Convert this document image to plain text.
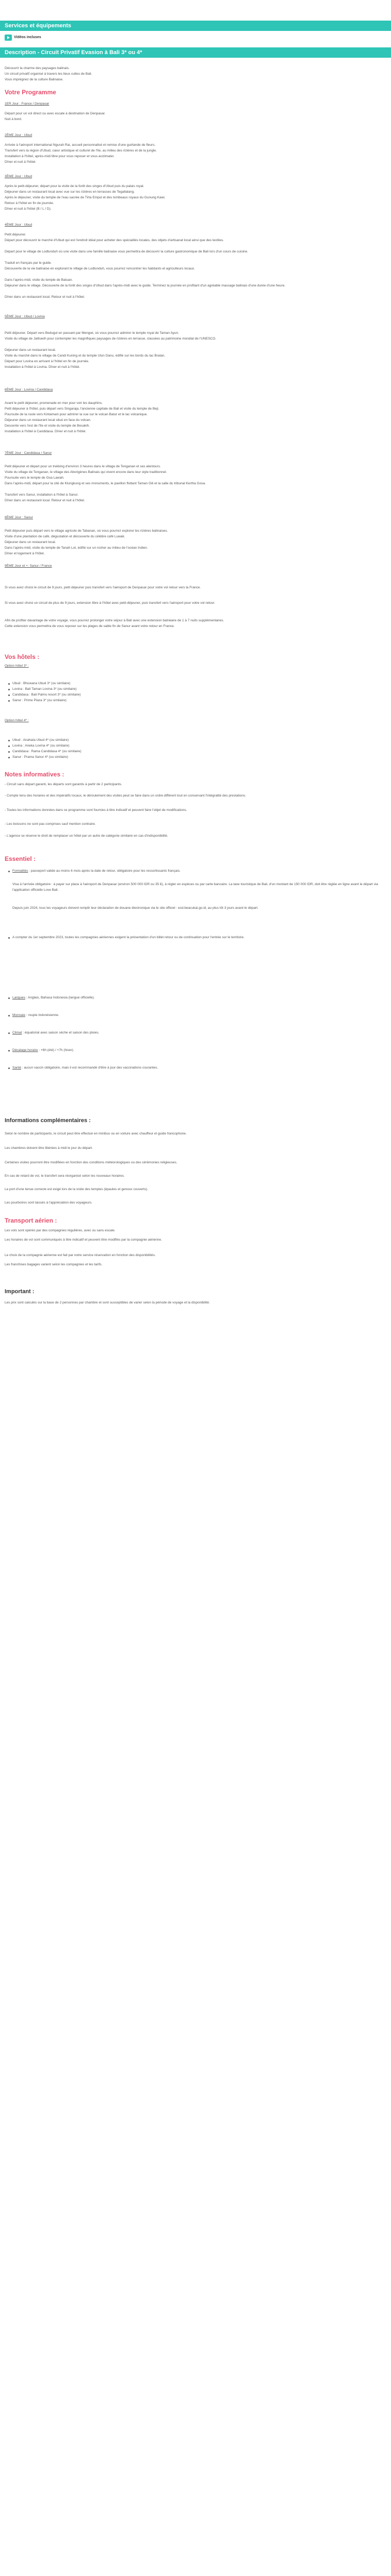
Services et équipements
Vidéos incluses
Description - Circuit Privatif Evasion à Bali 3* ou 4*
Découvrir la charme des paysages balinais.
Un circuit privatif organisé à travers les lieux cultes de Bali.
Vous imprégnez de la culture Balinaise.
Votre Programme
1ER Jour : France / Denpasar
Départ pour un vol direct ou avec escale à destination de Denpasar.
Nuit à bord.
2ÈME Jour : Ubud
Arrivée à l'aéroport international Ngurah Rai, accueil personnalisé et remise d'une guirlande de fleurs.
Transfert vers la région d'Ubud, cœur artistique et culturel de l'île, au milieu des rizières et de la jungle.
Installation à l'hôtel, après-midi libre pour vous reposer et vous acclimater.
Dîner et nuit à l'hôtel.
3ÈME Jour : Ubud
Après le petit-déjeuner, départ pour la visite de la forêt des singes d'Ubud puis du palais royal.
Déjeuner dans un restaurant local avec vue sur les rizières en terrasses de Tegallalang.
Après le déjeuner, visite du temple de l'eau sacrée de Tirta Empul et des tombeaux royaux du Gunung Kawi.
Retour à l'hôtel en fin de journée.
Dîner et nuit à l'hôtel (B / L / D).
4ÈME Jour : Ubud
Petit déjeuner.
Départ pour découvrir le marché d'Ubud qui est l'endroit idéal pour acheter des spécialités locales, des objets d'artisanat local ainsi que des textiles.
Départ pour le village de Lodtunduh où une visite dans une famille balinaise vous permettra de découvrir la culture gastronomique de Bali lors d'un cours de cuisine.
Traduit en français par le guide.
Découverte de la vie balinaise en explorant le village de Lodtunduh, vous pourrez rencontrer les habitants et agriculteurs locaux.
Dans l'après-midi, visite du temple de Batuan.
Déjeuner dans le village. Découverte de la forêt des singes d'Ubud dans l'après-midi avec le guide. Terminez la journée en profitant d'un agréable massage balinais d'une durée d'une heure.
Dîner dans un restaurant local. Retour et nuit à l'hôtel.
5ÈME Jour : Ubud / Lovina
Petit déjeuner. Départ vers Bedugul en passant par Mengwi, où vous pourrez admirer le temple royal de Taman Ayun.
Visite du village de Jatiluwih pour contempler les magnifiques paysages de rizières en terrasse, classées au patrimoine mondial de l'UNESCO.
Déjeuner dans un restaurant local.
Visite du marché dans le village de Candi Kuning et du temple Ulun Danu, édifié sur les bords du lac Bratan.
Départ pour Lovina en arrivant à l'hôtel en fin de journée.
Installation à l'hôtel à Lovina. Dîner et nuit à l'hôtel.
6ÈME Jour : Lovina / Candidasa
Avant le petit déjeuner, promenade en mer pour voir les dauphins.
Petit déjeuner à l'hôtel, puis départ vers Singaraja, l'ancienne capitale de Bali et visite du temple de Beji.
Poursuite de la route vers Kintamani pour admirer la vue sur le volcan Batur et le lac volcanique.
Déjeuner dans un restaurant local situé en face du volcan.
Descente vers l'est de l'île et visite du temple de Besakih.
Installation à l'hôtel à Candidasa. Dîner et nuit à l'hôtel.
7ÈME Jour : Candidasa / Sanur
Petit déjeuner et départ pour un trekking d'environ 3 heures dans le village de Tenganan et ses alentours.
Visite du village de Tenganan, le village des Aborigènes Balinais qui vivent encore dans leur style traditionnel.
Poursuite vers le temple de Goa Lawah.
Dans l'après-midi, départ pour la cité de Klungkung et ses monuments, le pavillon flottant Taman Gili et la salle du tribunal Kertha Gosa.
Transfert vers Sanur, installation à l'hôtel à Sanur.
Dîner dans un restaurant local. Retour et nuit à l'hôtel.
8ÈME Jour : Sanur
Petit déjeuner puis départ vers le village agricole de Tabanan, où vous pourrez explorer les rizières balinaises.
Visite d'une plantation de café, dégustation et découverte du célèbre café Luwak.
Déjeuner dans un restaurant local.
Dans l'après-midi, visite du temple de Tanah Lot, édifié sur un rocher au milieu de l'océan Indien.
Dîner et logement à l'hôtel.
9ÈME Jour et +: Sanur / France
Si vous avez choisi le circuit de 9 jours, petit déjeuner puis transfert vers l'aéroport de Denpasar pour votre vol retour vers la France.
Si vous avez choisi un circuit de plus de 9 jours, extension libre à l'hôtel avec petit-déjeuner, puis transfert vers l'aéroport pour votre vol retour.
Afin de profiter davantage de votre voyage, vous pourrez prolonger votre séjour à Bali avec une extension balnéaire de 1 à 7 nuits supplémentaires.
Cette extension vous permettra de vous reposer sur les plages de sable fin de Sanur avant votre retour en France.
Vos hôtels :
Option hôtel 3* :
Ubud : Bhuwana Ubud 3* (ou similaire)
Lovina : Bali Taman Lovina 3* (ou similaire)
Candidasa : Bali Palms resort 3* (ou similaire)
Sanur : Prime Plaza 3* (ou similaire)
Option hôtel 4* :
Ubud : Anahata Ubud 4* (ou similaire)
Lovina : Aneka Lovina 4* (ou similaire)
Candidasa : Rama Candidasa 4* (ou similaire)
Sanur : Prama Sanur 4* (ou similaire)
Notes informatives :
- Circuit sans départ garanti, les départs sont garantis à partir de 2 participants.
- Compte tenu des horaires et des impératifs locaux, le déroulement des visites peut se faire dans un ordre différent tout en conservant l'intégralité des prestations.
- Toutes les informations données dans ce programme sont fournies à titre indicatif et peuvent faire l'objet de modifications.
- Les boissons ne sont pas comprises sauf mention contraire.
- L'agence se réserve le droit de remplacer un hôtel par un autre de catégorie similaire en cas d'indisponibilité.
Essentiel :
Formalités : passeport valide au moins 6 mois après la date de retour, obligatoire pour les ressortissants français.
Visa à l'arrivée obligatoire : à payer sur place à l'aéroport de Denpasar (environ 500 000 IDR ou 35 €), à régler en espèces ou par carte bancaire. La taxe touristique de Bali, d'un montant de 150 000 IDR, doit être réglée en ligne avant le départ via l'application officielle Love Bali.
Depuis juin 2024, tous les voyageurs doivent remplir leur déclaration de douane électronique via le site officiel : ecd.beacukai.go.id, au plus tôt 3 jours avant le départ.
A compter du 1er septembre 2023, toutes les compagnies aériennes exigent la présentation d'un billet retour ou de continuation pour l'entrée sur le territoire.
Langues : Anglais, Bahasa Indonesia (langue officielle).
Monnaie : roupie indonésienne.
Climat : équatorial avec saison sèche et saison des pluies.
Décalage horaire : +6h (été) / +7h (hiver).
Santé : aucun vaccin obligatoire, mais il est recommandé d'être à jour des vaccinations courantes.
Informations complémentaires :
Selon le nombre de participants, le circuit peut être effectué en minibus ou en voiture avec chauffeur et guide francophone.
Les chambres doivent être libérées à midi le jour du départ.
Certaines visites pourront être modifiées en fonction des conditions météorologiques ou des cérémonies religieuses.
En cas de retard de vol, le transfert sera réorganisé selon les nouveaux horaires.
Le port d'une tenue correcte est exigé lors de la visite des temples (épaules et genoux couverts).
Les pourboires sont laissés à l'appréciation des voyageurs.
Transport aérien :
Les vols sont opérés par des compagnies régulières, avec ou sans escale.
Les horaires de vol sont communiqués à titre indicatif et peuvent être modifiés par la compagnie aérienne.
Le choix de la compagnie aérienne est fait par notre service réservation en fonction des disponibilités.
Les franchises bagages varient selon les compagnies et les tarifs.
Important :
Les prix sont calculés sur la base de 2 personnes par chambre et sont susceptibles de varier selon la période de voyage et la disponibilité.
